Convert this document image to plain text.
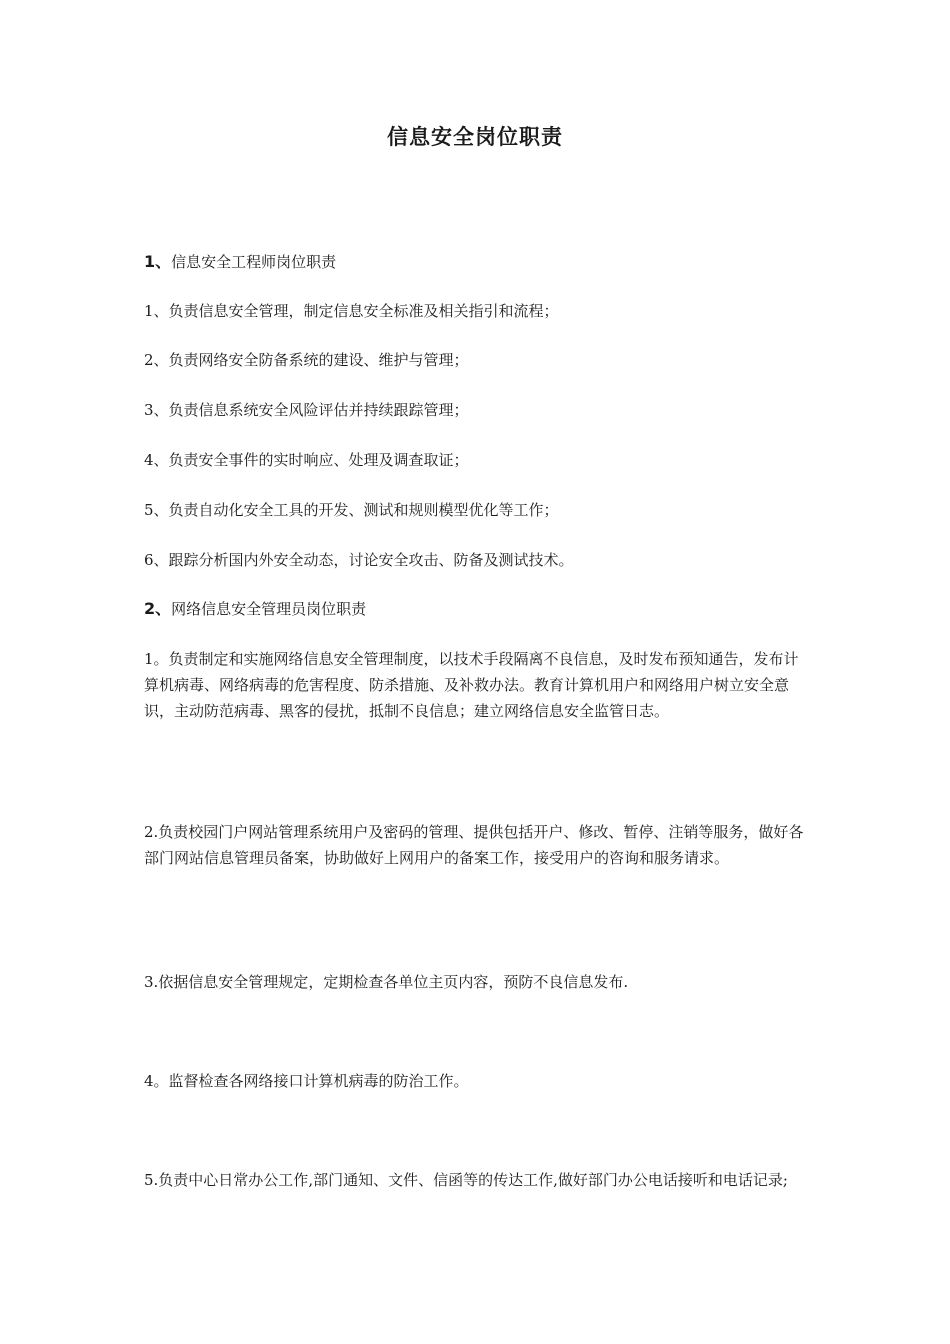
信息安全岗位职责

1、信息安全工程师岗位职责

1、负责信息安全管理，制定信息安全标准及相关指引和流程；

2、负责网络安全防备系统的建设、维护与管理；

3、负责信息系统安全风险评估并持续跟踪管理；

4、负责安全事件的实时响应、处理及调查取证；

5、负责自动化安全工具的开发、测试和规则模型优化等工作；

6、跟踪分析国内外安全动态，讨论安全攻击、防备及测试技术。

2、网络信息安全管理员岗位职责

1。负责制定和实施网络信息安全管理制度，以技术手段隔离不良信息，及时发布预知通告，发布计算机病毒、网络病毒的危害程度、防杀措施、及补救办法。教育计算机用户和网络用户树立安全意识，主动防范病毒、黑客的侵扰，抵制不良信息；建立网络信息安全监管日志。

2.负责校园门户网站管理系统用户及密码的管理、提供包括开户、修改、暂停、注销等服务，做好各部门网站信息管理员备案，协助做好上网用户的备案工作，接受用户的咨询和服务请求。

3.依据信息安全管理规定，定期检查各单位主页内容，预防不良信息发布.

4。监督检查各网络接口计算机病毒的防治工作。

5.负责中心日常办公工作,部门通知、文件、信函等的传达工作,做好部门办公电话接听和电话记录;
